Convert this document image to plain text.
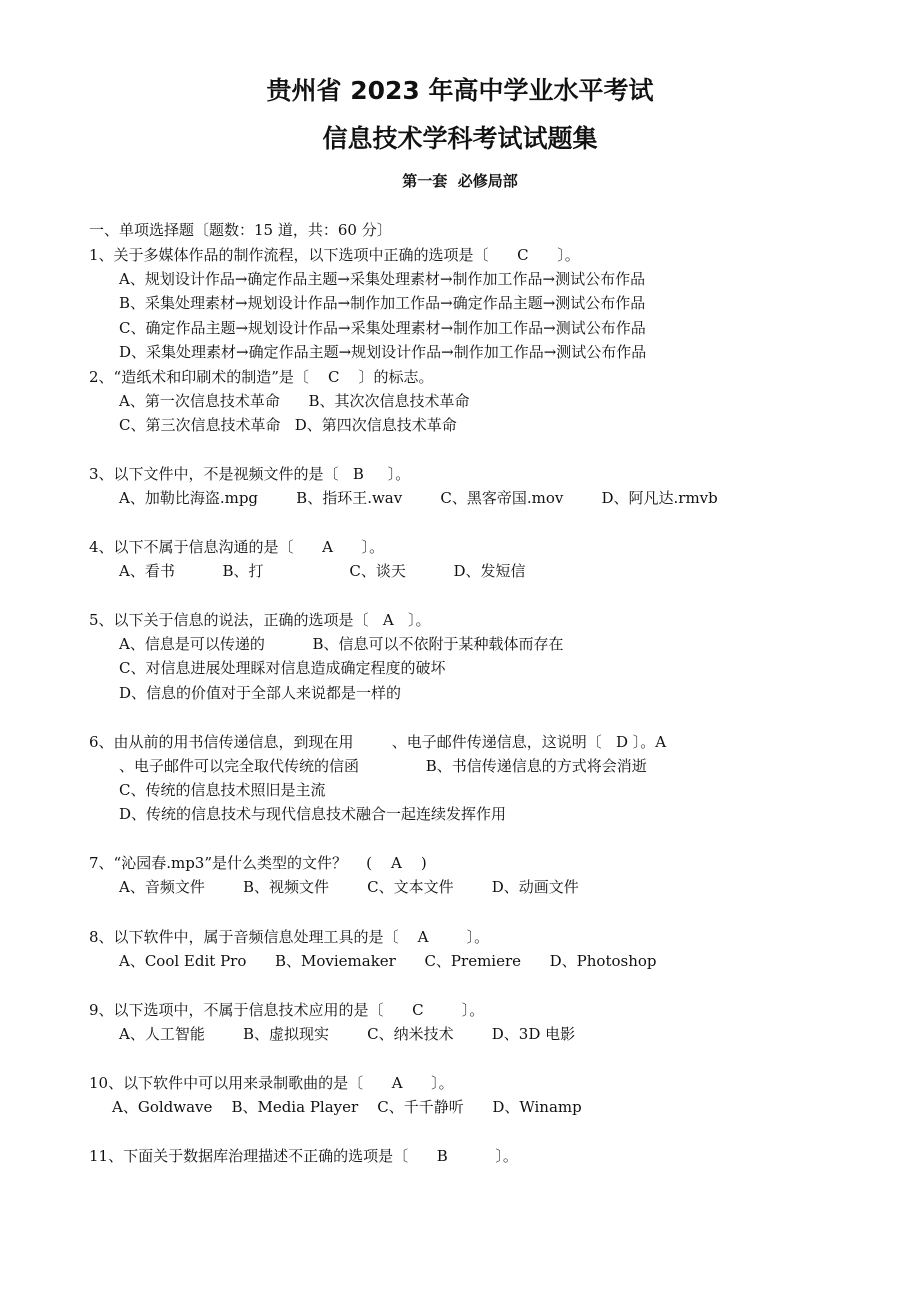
贵州省 2023 年高中学业水平考试
信息技术学科考试试题集
第一套  必修局部
一、单项选择题〔题数：15 道，共：60 分〕
1、关于多媒体作品的制作流程，以下选项中正确的选项是〔      C      〕。
A、规划设计作品→确定作品主题→采集处理素材→制作加工作品→测试公布作品
B、采集处理素材→规划设计作品→制作加工作品→确定作品主题→测试公布作品
C、确定作品主题→规划设计作品→采集处理素材→制作加工作品→测试公布作品
D、采集处理素材→确定作品主题→规划设计作品→制作加工作品→测试公布作品
2、“造纸术和印刷术的制造”是〔    C    〕的标志。
A、第一次信息技术革命      B、其次次信息技术革命
C、第三次信息技术革命   D、第四次信息技术革命
3、以下文件中，不是视频文件的是〔   B     〕。
A、加勒比海盗.mpg        B、指环王.wav        C、黑客帝国.mov        D、阿凡达.rmvb
4、以下不属于信息沟通的是〔      A      〕。
A、看书          B、打                  C、谈天          D、发短信
5、以下关于信息的说法，正确的选项是〔   A   〕。
A、信息是可以传递的          B、信息可以不依附于某种载体而存在
C、对信息进展处理睬对信息造成确定程度的破坏
D、信息的价值对于全部人来说都是一样的
6、由从前的用书信传递信息，到现在用        、电子邮件传递信息，这说明〔   D 〕。A
、电子邮件可以完全取代传统的信函              B、书信传递信息的方式将会消逝
C、传统的信息技术照旧是主流
D、传统的信息技术与现代信息技术融合一起连续发挥作用
7、“沁园春.mp3”是什么类型的文件？    (    A    )
A、音频文件        B、视频文件        C、文本文件        D、动画文件
8、以下软件中，属于音频信息处理工具的是〔    A        〕。
A、Cool Edit Pro      B、Moviemaker      C、Premiere      D、Photoshop
9、以下选项中，不属于信息技术应用的是〔      C        〕。
A、人工智能        B、虚拟现实        C、纳米技术        D、3D 电影
10、以下软件中可以用来录制歌曲的是〔      A      〕。
A、Goldwave    B、Media Player    C、千千静听      D、Winamp
11、下面关于数据库治理描述不正确的选项是〔      B          〕。
